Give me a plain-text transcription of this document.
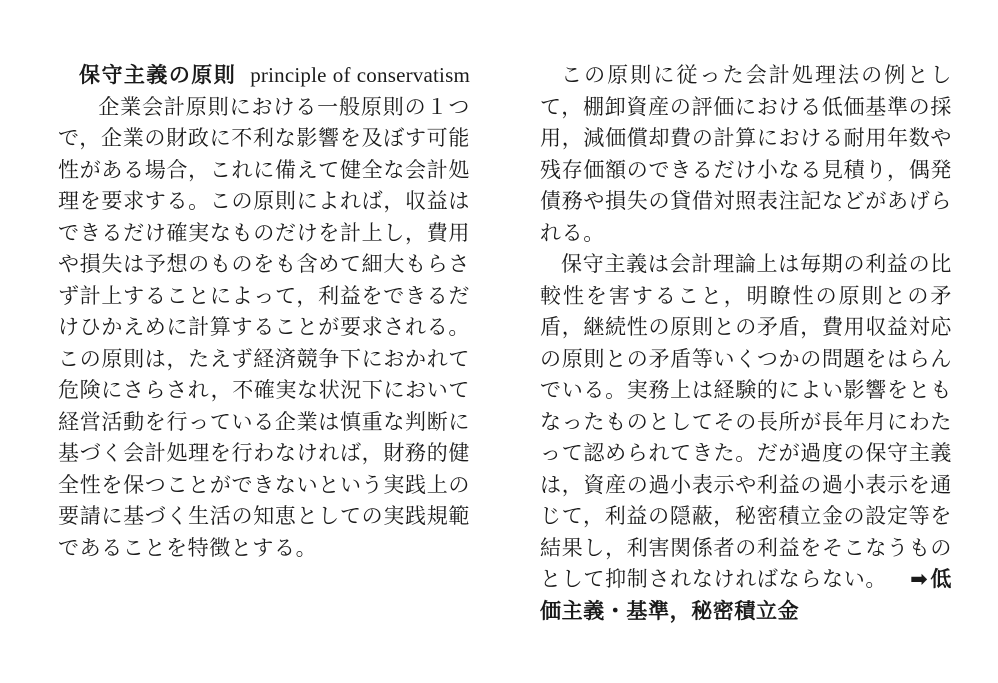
保守主義の原則 principle of conservatism企業会計原則における一般原則の１つで，企業の財政に不利な影響を及ぼす可能性がある場合，これに備えて健全な会計処理を要求する。この原則によれば，収益はできるだけ確実なものだけを計上し，費用や損失は予想のものをも含めて細大もらさず計上することによって，利益をできるだけひかえめに計算することが要求される。この原則は，たえず経済競争下におかれて危険にさらされ，不確実な状況下において経営活動を行っている企業は慎重な判断に基づく会計処理を行わなければ，財務的健全性を保つことができないという実践上の要請に基づく生活の知恵としての実践規範であることを特徴とする。

この原則に従った会計処理法の例として，棚卸資産の評価における低価基準の採用，減価償却費の計算における耐用年数や残存価額のできるだけ小なる見積り，偶発債務や損失の貸借対照表注記などがあげられる。

保守主義は会計理論上は毎期の利益の比較性を害すること，明瞭性の原則との矛盾，継続性の原則との矛盾，費用収益対応の原則との矛盾等いくつかの問題をはらんでいる。実務上は経験的によい影響をともなったものとしてその長所が長年月にわたって認められてきた。だが過度の保守主義は，資産の過小表示や利益の過小表示を通じて，利益の隠蔽，秘密積立金の設定等を結果し，利害関係者の利益をそこなうものとして抑制されなければならない。 ➡低価主義・基準，秘密積立金
